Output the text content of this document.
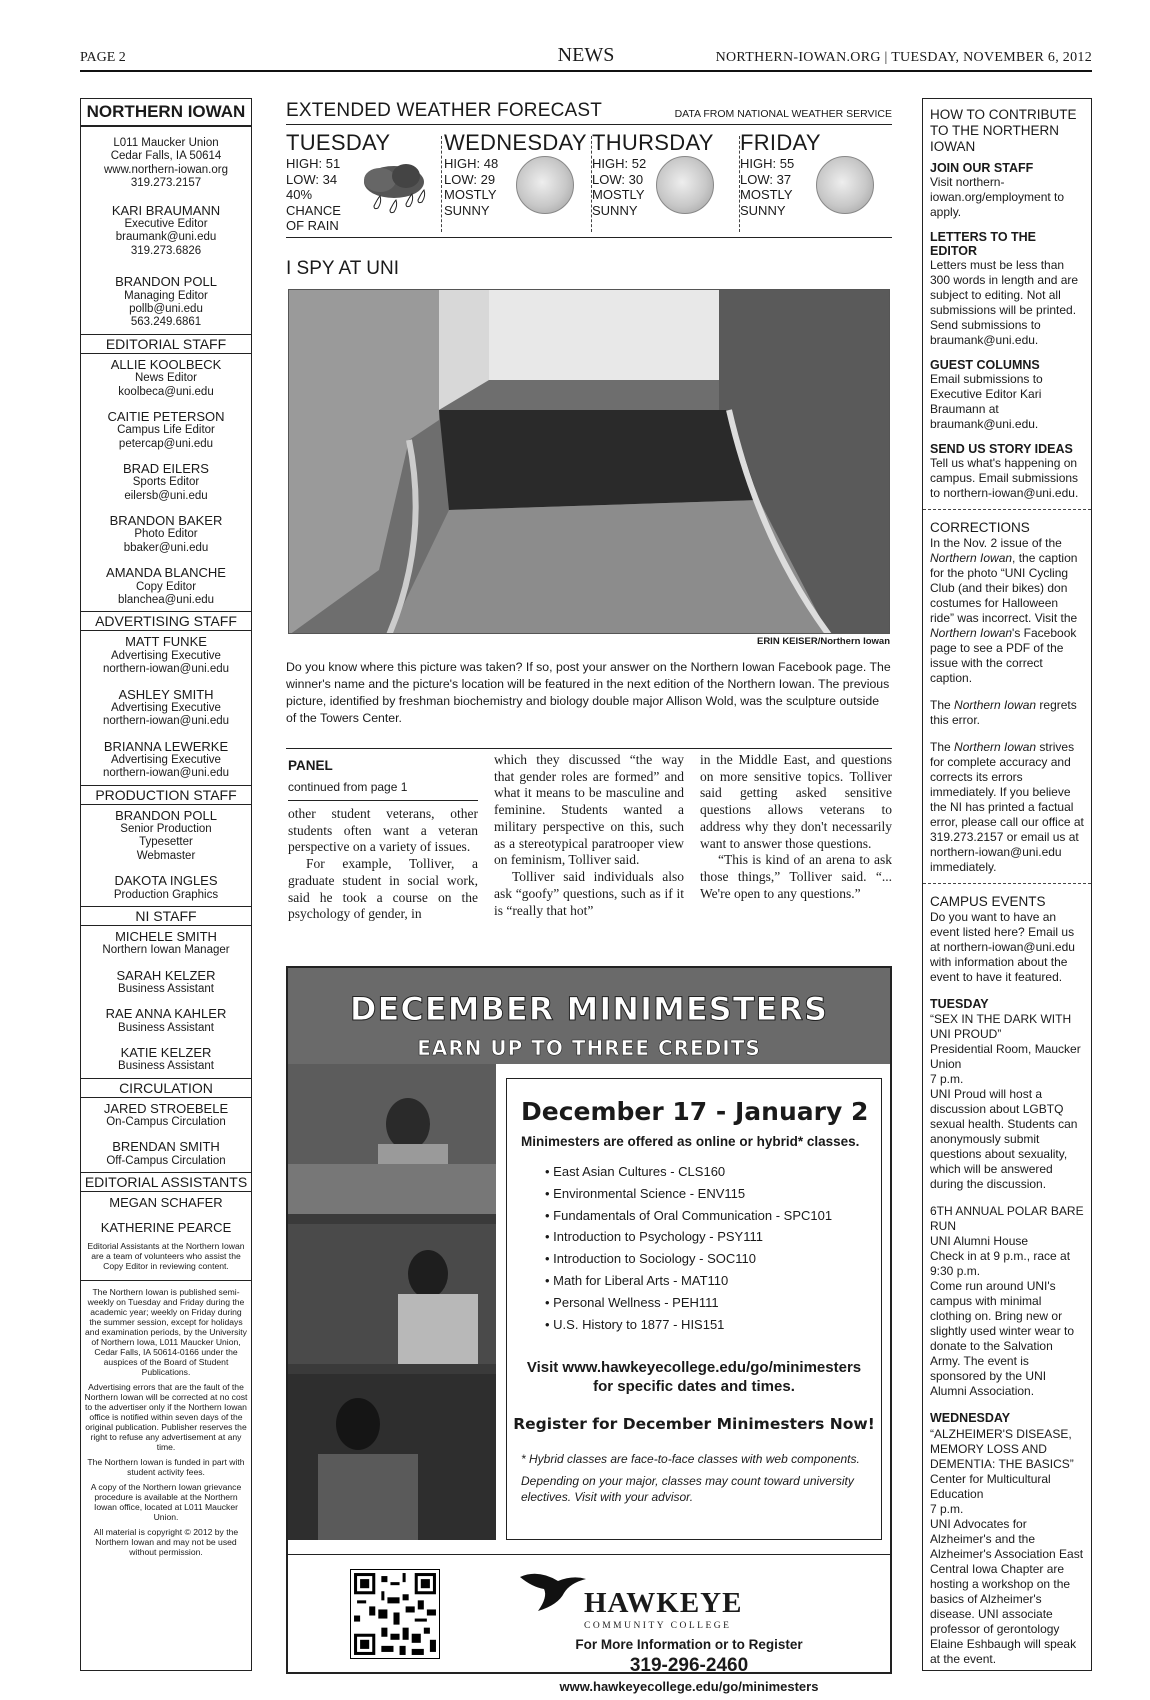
PAGE 2	NEWS	NORTHERN-IOWAN.ORG | TUESDAY, NOVEMBER 6, 2012
NORTHERN IOWAN
L011 Maucker Union
Cedar Falls, IA 50614
www.northern-iowan.org
319.273.2157
KARI BRAUMANN
Executive Editor
braumank@uni.edu
319.273.6826
BRANDON POLL
Managing Editor
pollb@uni.edu
563.249.6861
EDITORIAL STAFF
ALLIE KOOLBECK
News Editor
koolbeca@uni.edu
CAITIE PETERSON
Campus Life Editor
petercap@uni.edu
BRAD EILERS
Sports Editor
eilersb@uni.edu
BRANDON BAKER
Photo Editor
bbaker@uni.edu
AMANDA BLANCHE
Copy Editor
blanchea@uni.edu
ADVERTISING STAFF
MATT FUNKE
Advertising Executive
northern-iowan@uni.edu
ASHLEY SMITH
Advertising Executive
northern-iowan@uni.edu
BRIANNA LEWERKE
Advertising Executive
northern-iowan@uni.edu
PRODUCTION STAFF
BRANDON POLL
Senior Production
Typesetter
Webmaster
DAKOTA INGLES
Production Graphics
NI STAFF
MICHELE SMITH
Northern Iowan Manager
SARAH KELZER
Business Assistant
RAE ANNA KAHLER
Business Assistant
KATIE KELZER
Business Assistant
CIRCULATION
JARED STROEBELE
On-Campus Circulation
BRENDAN SMITH
Off-Campus Circulation
EDITORIAL ASSISTANTS
MEGAN SCHAFER
KATHERINE PEARCE
Editorial Assistants at the Northern Iowan are a team of volunteers who assist the Copy Editor in reviewing content.
The Northern Iowan is published semi-weekly on Tuesday and Friday during the academic year; weekly on Friday during the summer session, except for holidays and examination periods, by the University of Northern Iowa, L011 Maucker Union, Cedar Falls, IA 50614-0166 under the auspices of the Board of Student Publications.
Advertising errors that are the fault of the Northern Iowan will be corrected at no cost to the advertiser only if the Northern Iowan office is notified within seven days of the original publication. Publisher reserves the right to refuse any advertisement at any time.
The Northern Iowan is funded in part with student activity fees.
A copy of the Northern Iowan grievance procedure is available at the Northern Iowan office, located at L011 Maucker Union.
All material is copyright © 2012 by the Northern Iowan and may not be used without permission.
EXTENDED WEATHER FORECAST	DATA FROM NATIONAL WEATHER SERVICE
TUESDAY
HIGH: 51
LOW: 34
40%
CHANCE
OF RAIN
WEDNESDAY
HIGH: 48
LOW: 29
MOSTLY
SUNNY
THURSDAY
HIGH: 52
LOW: 30
MOSTLY
SUNNY
FRIDAY
HIGH: 55
LOW: 37
MOSTLY
SUNNY
I SPY AT UNI
ERIN KEISER/Northern Iowan
Do you know where this picture was taken? If so, post your answer on the Northern Iowan Facebook page. The winner's name and the picture's location will be featured in the next edition of the Northern Iowan. The previous picture, identified by freshman biochemistry and biology double major Allison Wold, was the sculpture outside of the Towers Center.
PANEL
continued from page 1
other student veterans, other students often want a veteran perspective on a variety of issues.
For example, Tolliver, a graduate student in social work, said he took a course on the psychology of gender, in
which they discussed “the way that gender roles are formed” and what it means to be masculine and feminine. Students wanted a military perspective on this, such as a stereotypical paratrooper view on feminism, Tolliver said.
Tolliver said individuals also ask “goofy” questions, such as if it is “really that hot”
in the Middle East, and questions on more sensitive topics. Tolliver said getting asked sensitive questions allows veterans to address why they don't necessarily want to answer those questions.
“This is kind of an arena to ask those things,” Tolliver said. “... We're open to any questions.”
DECEMBER MINIMESTERS
EARN UP TO THREE CREDITS
December 17 - January 2
Minimesters are offered as online or hybrid* classes.
• East Asian Cultures - CLS160
• Environmental Science - ENV115
• Fundamentals of Oral Communication - SPC101
• Introduction to Psychology - PSY111
• Introduction to Sociology - SOC110
• Math for Liberal Arts - MAT110
• Personal Wellness - PEH111
• U.S. History to 1877 - HIS151
Visit www.hawkeyecollege.edu/go/minimesters
for specific dates and times.
Register for December Minimesters Now!
* Hybrid classes are face-to-face classes with web components.
Depending on your major, classes may count toward university electives. Visit with your advisor.
HAWKEYE
COMMUNITY COLLEGE
For More Information or to Register
319-296-2460
www.hawkeyecollege.edu/go/minimesters
HOW TO CONTRIBUTE TO THE NORTHERN IOWAN
JOIN OUR STAFF

Visit northern-iowan.org/employment to apply.

LETTERS TO THE EDITOR

Letters must be less than 300 words in length and are subject to editing. Not all submissions will be printed. Send submissions to braumank@uni.edu.

GUEST COLUMNS

Email submissions to Executive Editor Kari Braumann at braumank@uni.edu.

SEND US STORY IDEAS

Tell us what's happening on campus. Email submissions to northern-iowan@uni.edu.

CORRECTIONS

In the Nov. 2 issue of the Northern Iowan, the caption for the photo “UNI Cycling Club (and their bikes) don costumes for Halloween ride” was incorrect. Visit the Northern Iowan's Facebook page to see a PDF of the issue with the correct caption.

The Northern Iowan regrets this error.

The Northern Iowan strives for complete accuracy and corrects its errors immediately. If you believe the NI has printed a factual error, please call our office at 319.273.2157 or email us at northern-iowan@uni.edu immediately.

CAMPUS EVENTS

Do you want to have an event listed here? Email us at northern-iowan@uni.edu with information about the event to have it featured.

TUESDAY
“SEX IN THE DARK WITH UNI PROUD”
Presidential Room, Maucker Union
7 p.m.
UNI Proud will host a discussion about LGBTQ sexual health. Students can anonymously submit questions about sexuality, which will be answered during the discussion.
6TH ANNUAL POLAR BARE RUN
UNI Alumni House
Check in at 9 p.m., race at 9:30 p.m.
Come run around UNI's campus with minimal clothing on. Bring new or slightly used winter wear to donate to the Salvation Army. The event is sponsored by the UNI Alumni Association.
WEDNESDAY
“ALZHEIMER'S DISEASE, MEMORY LOSS AND DEMENTIA: THE BASICS”
Center for Multicultural Education
7 p.m.
UNI Advocates for Alzheimer's and the Alzheimer's Association East Central Iowa Chapter are hosting a workshop on the basics of Alzheimer's disease. UNI associate professor of gerontology Elaine Eshbaugh will speak at the event.
